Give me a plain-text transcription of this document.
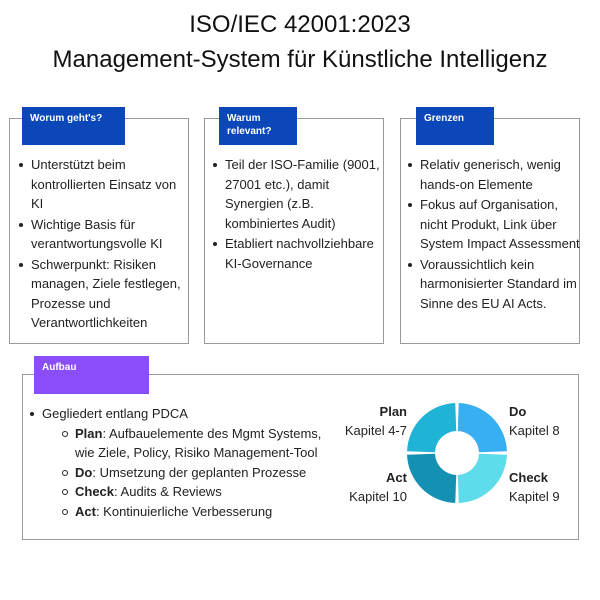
ISO/IEC 42001:2023
Management-System für Künstliche Intelligenz
Worum geht's?
Unterstützt beim kontrollierten Einsatz von KI
Wichtige Basis für verantwortungsvolle KI
Schwerpunkt: Risiken managen, Ziele festlegen, Prozesse und Verantwortlichkeiten
Warum relevant?
Teil der ISO-Familie (9001, 27001 etc.), damit Synergien (z.B. kombiniertes Audit)
Etabliert nachvollziehbare KI-Governance
Grenzen
Relativ generisch, wenig hands-on Elemente
Fokus auf Organisation, nicht Produkt, Link über System Impact Assessment
Voraussichtlich kein harmonisierter Standard im Sinne des EU AI Acts.
Aufbau
Gegliedert entlang PDCA
Plan: Aufbauelemente des Mgmt Systems, wie Ziele, Policy, Risiko Management-Tool
Do: Umsetzung der geplanten Prozesse
Check: Audits & Reviews
Act: Kontinuierliche Verbesserung
Plan
Kapitel 4-7
Do
Kapitel 8
Act
Kapitel 10
Check
Kapitel 9
